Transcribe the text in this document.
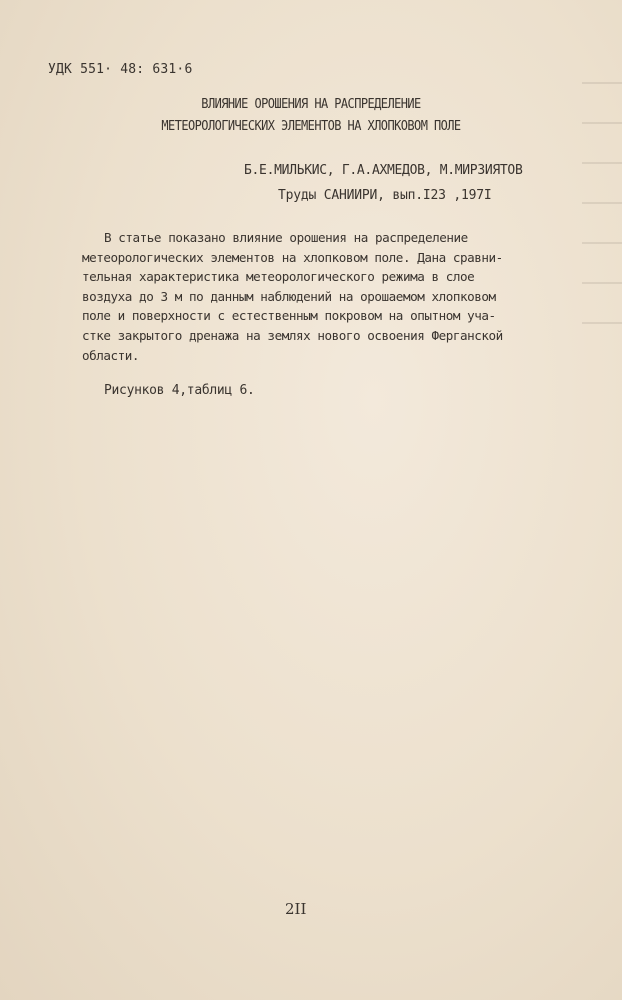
УДК 551· 48: 631·6

ВЛИЯНИЕ ОРОШЕНИЯ НА РАСПРЕДЕЛЕНИЕ
МЕТЕОРОЛОГИЧЕСКИХ ЭЛЕМЕНТОВ НА ХЛОПКОВОМ ПОЛЕ

Б.Е.МИЛЬКИС, Г.А.АХМЕДОВ, М.МИРЗИЯТОВ

Труды САНИИРИ, вып.I23 ,197I

В статье показано влияние орошения на распределение
метеорологических элементов на хлопковом поле. Дана сравни-
тельная характеристика метеорологического режима в слое
воздуха до 3 м по данным наблюдений на орошаемом хлопковом
поле и поверхности с естественным покровом на опытном уча-
стке закрытого дренажа на землях нового освоения Ферганской
области.

Рисунков 4,таблиц 6.

2II
